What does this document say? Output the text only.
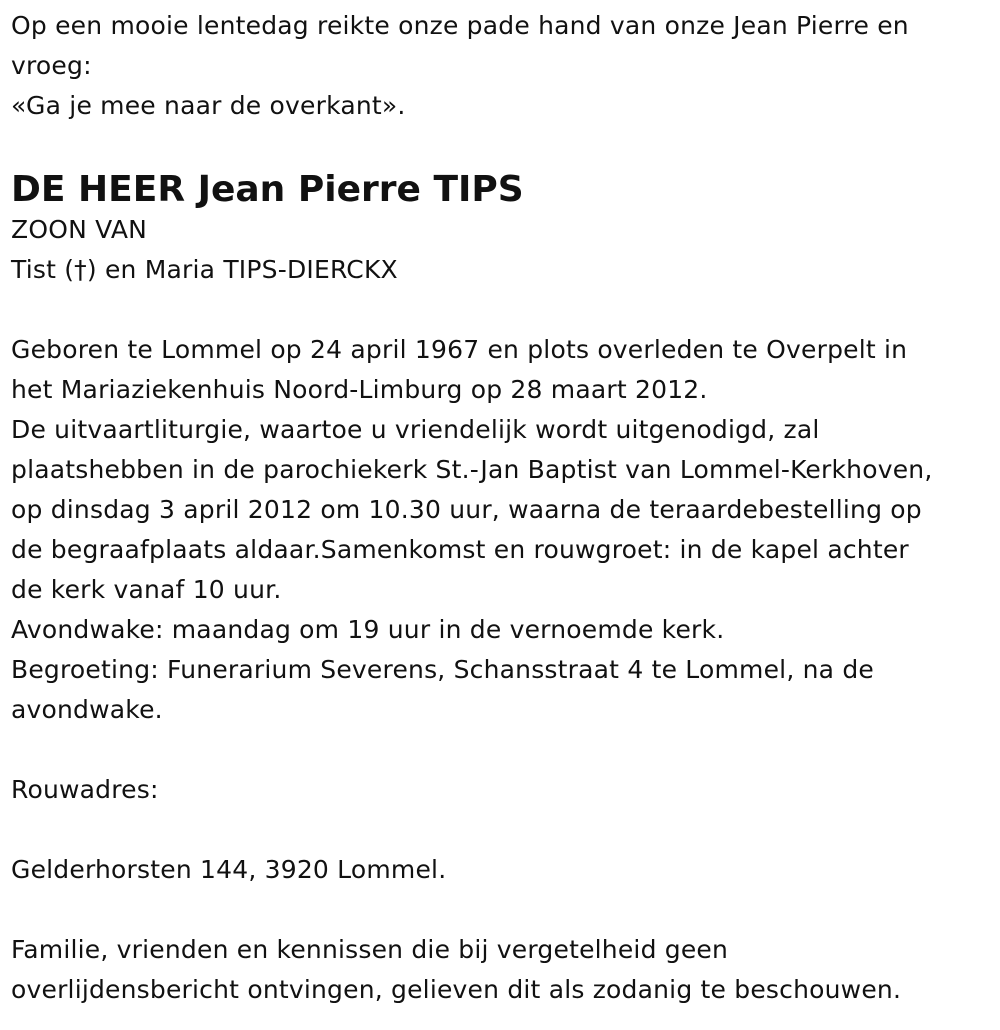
Op een mooie lentedag reikte onze pade hand van onze Jean Pierre en
vroeg:
«Ga je mee naar de overkant».
DE HEER Jean Pierre TIPS
ZOON VAN
Tist (†) en Maria TIPS-DIERCKX
Geboren te Lommel op 24 april 1967 en plots overleden te Overpelt in
het Mariaziekenhuis Noord-Limburg op 28 maart 2012.
De uitvaartliturgie, waartoe u vriendelijk wordt uitgenodigd, zal
plaatshebben in de parochiekerk St.-Jan Baptist van Lommel-Kerkhoven,
op dinsdag 3 april 2012 om 10.30 uur, waarna de teraardebestelling op
de begraafplaats aldaar.Samenkomst en rouwgroet: in de kapel achter
de kerk vanaf 10 uur.
Avondwake: maandag om 19 uur in de vernoemde kerk.
Begroeting: Funerarium Severens, Schansstraat 4 te Lommel, na de
avondwake.
Rouwadres:
Gelderhorsten 144, 3920 Lommel.
Familie, vrienden en kennissen die bij vergetelheid geen
overlijdensbericht ontvingen, gelieven dit als zodanig te beschouwen.
